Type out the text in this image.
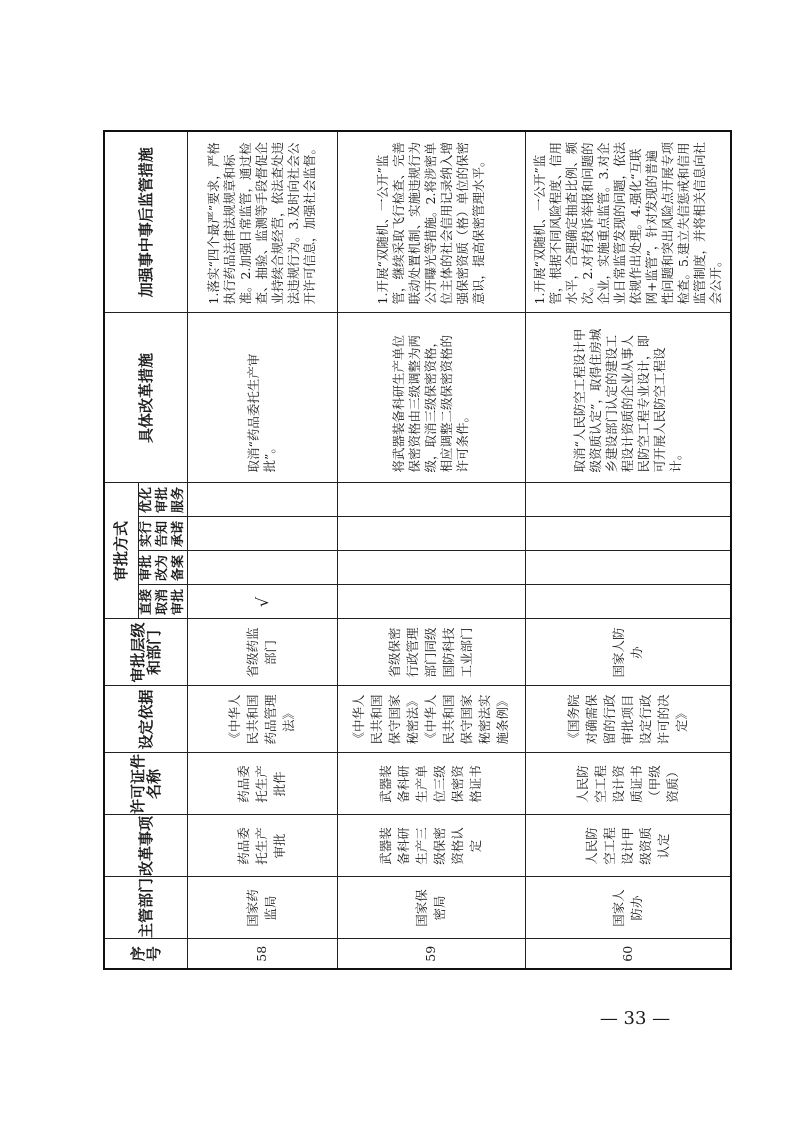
序号	主管部门	改革事项	许可证件名称	设定依据	审批层级和部门	审批方式				具体改革措施	加强事中事后监管措施
						直接取消审批	审批改为备案	实行告知承诺	优化审批服务		
58	国家药监局	药品委托生产审批	药品委托生产批件	《中华人民共和国药品管理法》	省级药监部门	√				取消“药品委托生产审批”。	1.落实“四个最严”要求，严格执行药品法律法规规章和标准。2.加强日常监管，通过检查、抽验、监测等手段督促企业持续合规经营，依法查处违法违规行为。3.及时向社会公开许可信息，加强社会监督。
59	国家保密局	武器装备科研生产三级保密资格认定	武器装备科研生产单位三级保密资格证书	《中华人民共和国保守国家秘密法》《中华人民共和国保守国家秘密法实施条例》	省级保密行政管理部门同级国防科技工业部门					将武器装备科研生产单位保密资格由三级调整为两级，取消三级保密资格，相应调整二级保密资格的许可条件。	1.开展“双随机、一公开”监管，继续采取飞行检查、完善联动处置机制、实施违规行为公开曝光等措施。2.将涉密单位主体的社会信用记录纳入增强保密资质（格）单位的保密意识，提高保密管理水平。
60	国家人防办	人民防空工程设计甲级资质认定	人民防空工程设计资质证书（甲级资质）	《国务院对确需保留的行政审批项目设定行政许可的决定》	国家人防办					取消“人民防空工程设计甲级资质认定”，取得住房城乡建设部门认定的建设工程设计资质的企业从事人民防空工程专业设计，即可开展人民防空工程设计。	1.开展“双随机、一公开”监管，根据不同风险程度、信用水平，合理确定抽查比例、频次。2.对有投诉举报和问题的企业，实施重点监管。3.对企业日常监管发现的问题，依法依规作出处理。4.强化“互联网+监管”，针对发现的普遍性问题和突出风险点开展专项检查。5.建立失信惩戒和信用监管制度，并将相关信息向社会公开。
— 33 —
